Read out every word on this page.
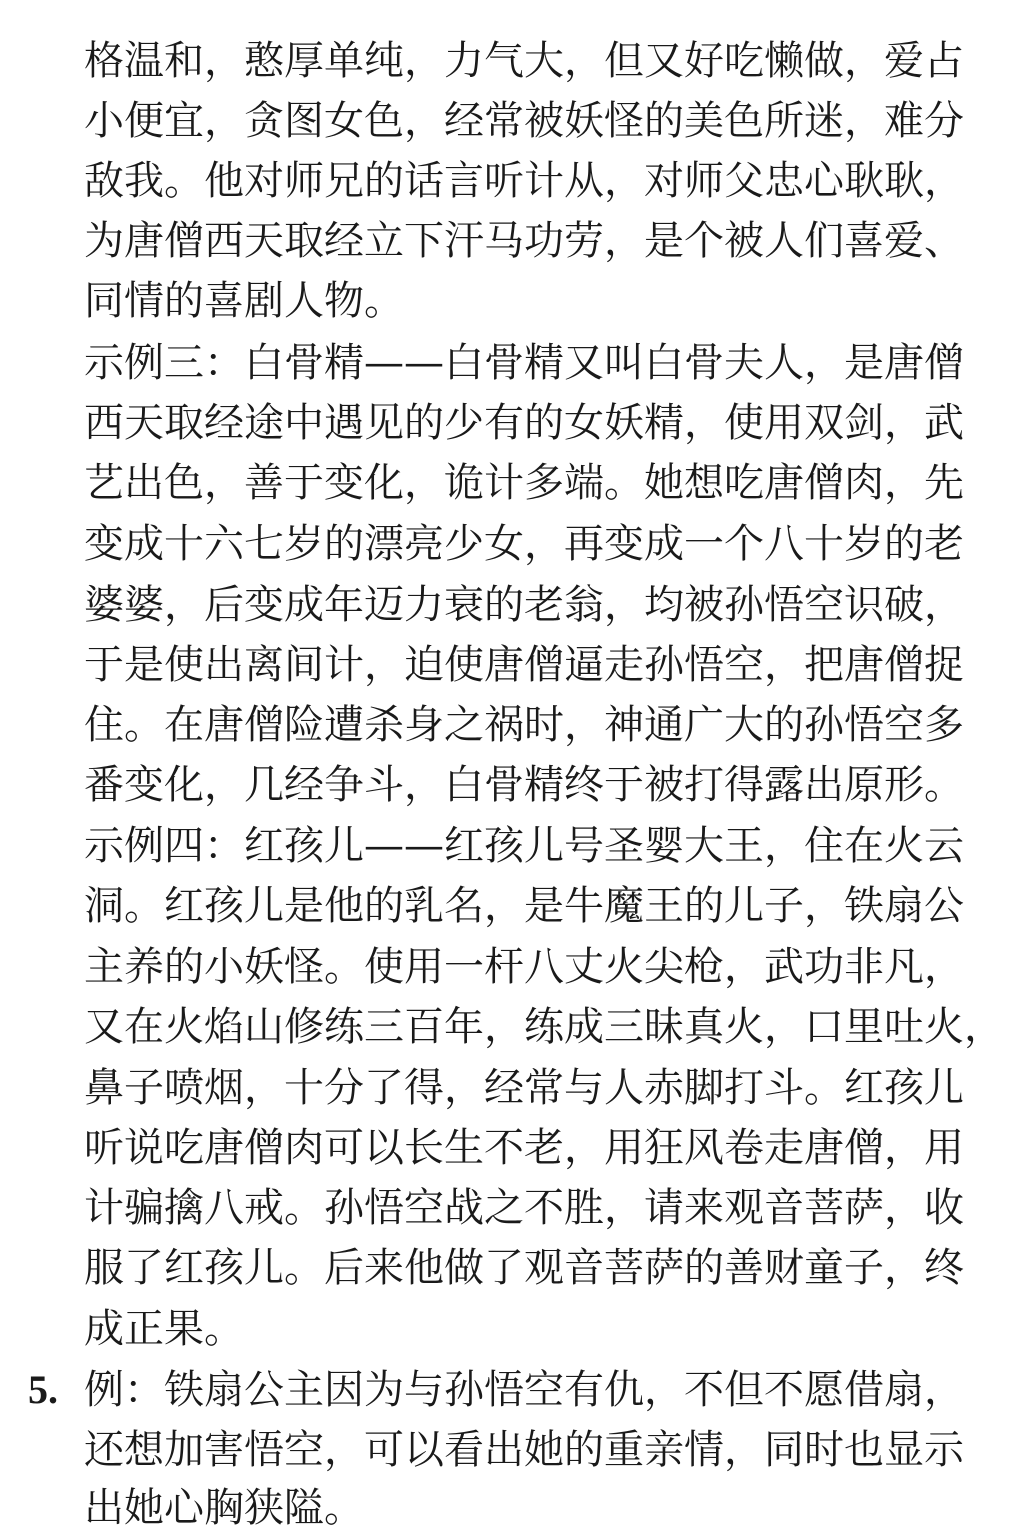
格温和，憨厚单纯，力气大，但又好吃懒做，爱占
小便宜，贪图女色，经常被妖怪的美色所迷，难分
敌我。他对师兄的话言听计从，对师父忠心耿耿，
为唐僧西天取经立下汗马功劳，是个被人们喜爱、
同情的喜剧人物。
示例三：白骨精——白骨精又叫白骨夫人，是唐僧
西天取经途中遇见的少有的女妖精，使用双剑，武
艺出色，善于变化，诡计多端。她想吃唐僧肉，先
变成十六七岁的漂亮少女，再变成一个八十岁的老
婆婆，后变成年迈力衰的老翁，均被孙悟空识破，
于是使出离间计，迫使唐僧逼走孙悟空，把唐僧捉
住。在唐僧险遭杀身之祸时，神通广大的孙悟空多
番变化，几经争斗，白骨精终于被打得露出原形。
示例四：红孩儿——红孩儿号圣婴大王，住在火云
洞。红孩儿是他的乳名，是牛魔王的儿子，铁扇公
主养的小妖怪。使用一杆八丈火尖枪，武功非凡，
又在火焰山修练三百年，练成三昧真火，口里吐火，
鼻子喷烟，十分了得，经常与人赤脚打斗。红孩儿
听说吃唐僧肉可以长生不老，用狂风卷走唐僧，用
计骗擒八戒。孙悟空战之不胜，请来观音菩萨，收
服了红孩儿。后来他做了观音菩萨的善财童子，终
成正果。
5. 例：铁扇公主因为与孙悟空有仇，不但不愿借扇，
还想加害悟空，可以看出她的重亲情，同时也显示
出她心胸狭隘。
